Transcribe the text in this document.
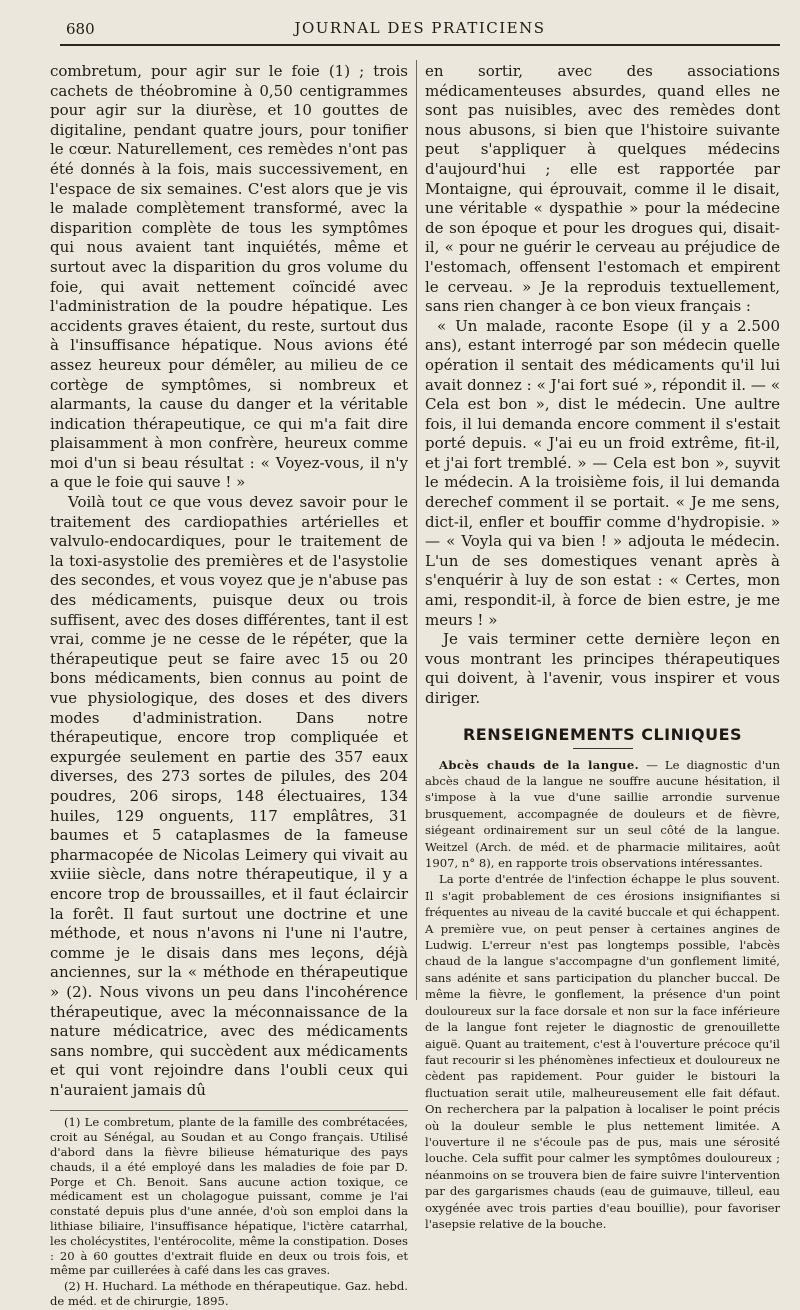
680	JOURNAL DES PRATICIENS

combretum, pour agir sur le foie (1) ; trois cachets de théobromine à 0,50 centigrammes pour agir sur la diurèse, et 10 gouttes de digitaline, pendant quatre jours, pour tonifier le cœur. Naturellement, ces remèdes n'ont pas été donnés à la fois, mais successivement, en l'espace de six semaines. C'est alors que je vis le malade complètement transformé, avec la disparition complète de tous les symptômes qui nous avaient tant inquiétés, même et surtout avec la disparition du gros volume du foie, qui avait nettement coïncidé avec l'administration de la poudre hépatique. Les accidents graves étaient, du reste, surtout dus à l'insuffisance hépatique. Nous avions été assez heureux pour démêler, au milieu de ce cortège de symptômes, si nombreux et alarmants, la cause du danger et la véritable indication thérapeutique, ce qui m'a fait dire plaisamment à mon confrère, heureux comme moi d'un si beau résultat : « Voyez-vous, il n'y a que le foie qui sauve ! »

Voilà tout ce que vous devez savoir pour le traitement des cardiopathies artérielles et valvulo-endocardiques, pour le traitement de la toxi-asystolie des premières et de l'asystolie des secondes, et vous voyez que je n'abuse pas des médicaments, puisque deux ou trois suffisent, avec des doses différentes, tant il est vrai, comme je ne cesse de le répéter, que la thérapeutique peut se faire avec 15 ou 20 bons médicaments, bien connus au point de vue physiologique, des doses et des divers modes d'administration. Dans notre thérapeutique, encore trop compliquée et expurgée seulement en partie des 357 eaux diverses, des 273 sortes de pilules, des 204 poudres, 206 sirops, 148 électuaires, 134 huiles, 129 onguents, 117 emplâtres, 31 baumes et 5 cataplasmes de la fameuse pharmacopée de Nicolas Leimery qui vivait au xviiie siècle, dans notre thérapeutique, il y a encore trop de broussailles, et il faut éclaircir la forêt. Il faut surtout une doctrine et une méthode, et nous n'avons ni l'une ni l'autre, comme je le disais dans mes leçons, déjà anciennes, sur la « méthode en thérapeutique » (2). Nous vivons un peu dans l'incohérence thérapeutique, avec la méconnaissance de la nature médicatrice, avec des médicaments sans nombre, qui succèdent aux médicaments et qui vont rejoindre dans l'oubli ceux qui n'auraient jamais dû

(1) Le combretum, plante de la famille des combrétacées, croit au Sénégal, au Soudan et au Congo français. Utilisé d'abord dans la fièvre bilieuse hématurique des pays chauds, il a été employé dans les maladies de foie par D. Porge et Ch. Benoit. Sans aucune action toxique, ce médicament est un cholagogue puissant, comme je l'ai constaté depuis plus d'une année, d'où son emploi dans la lithiase biliaire, l'insuffisance hépatique, l'ictère catarrhal, les cholécystites, l'entérocolite, même la constipation. Doses : 20 à 60 gouttes d'extrait fluide en deux ou trois fois, et même par cuillerées à café dans les cas graves.

(2) H. Huchard. La méthode en thérapeutique. Gaz. hebd. de méd. et de chirurgie, 1895.

en sortir, avec des associations médicamenteuses absurdes, quand elles ne sont pas nuisibles, avec des remèdes dont nous abusons, si bien que l'histoire suivante peut s'appliquer à quelques médecins d'aujourd'hui ; elle est rapportée par Montaigne, qui éprouvait, comme il le disait, une véritable « dyspathie » pour la médecine de son époque et pour les drogues qui, disait-il, « pour ne guérir le cerveau au préjudice de l'estomach, offensent l'estomach et empirent le cerveau. » Je la reproduis textuellement, sans rien changer à ce bon vieux français :

« Un malade, raconte Esope (il y a 2.500 ans), estant interrogé par son médecin quelle opération il sentait des médicaments qu'il lui avait donnez : « J'ai fort sué », répondit il. — « Cela est bon », dist le médecin. Une aultre fois, il lui demanda encore comment il s'estait porté depuis. « J'ai eu un froid extrême, fit-il, et j'ai fort tremblé. » — Cela est bon », suyvit le médecin. A la troisième fois, il lui demanda derechef comment il se portait. « Je me sens, dict-il, enfler et bouffir comme d'hydropisie. » — « Voyla qui va bien ! » adjouta le médecin. L'un de ses domestiques venant après à s'enquérir à luy de son estat : « Certes, mon ami, respondit-il, à force de bien estre, je me meurs ! »

Je vais terminer cette dernière leçon en vous montrant les principes thérapeutiques qui doivent, à l'avenir, vous inspirer et vous diriger.

RENSEIGNEMENTS CLINIQUES

Abcès chauds de la langue. — Le diagnostic d'un abcès chaud de la langue ne souffre aucune hésitation, il s'impose à la vue d'une saillie arrondie survenue brusquement, accompagnée de douleurs et de fièvre, siégeant ordinairement sur un seul côté de la langue. Weitzel (Arch. de méd. et de pharmacie militaires, août 1907, n° 8), en rapporte trois observations intéressantes.

La porte d'entrée de l'infection échappe le plus souvent. Il s'agit probablement de ces érosions insignifiantes si fréquentes au niveau de la cavité buccale et qui échappent. A première vue, on peut penser à certaines angines de Ludwig. L'erreur n'est pas longtemps possible, l'abcès chaud de la langue s'accompagne d'un gonflement limité, sans adénite et sans participation du plancher buccal. De même la fièvre, le gonflement, la présence d'un point douloureux sur la face dorsale et non sur la face inférieure de la langue font rejeter le diagnostic de grenouillette aiguë. Quant au traitement, c'est à l'ouverture précoce qu'il faut recourir si les phénomènes infectieux et douloureux ne cèdent pas rapidement. Pour guider le bistouri la fluctuation serait utile, malheureusement elle fait défaut. On recherchera par la palpation à localiser le point précis où la douleur semble le plus nettement limitée. A l'ouverture il ne s'écoule pas de pus, mais une sérosité louche. Cela suffit pour calmer les symptômes douloureux ; néanmoins on se trouvera bien de faire suivre l'intervention par des gargarismes chauds (eau de guimauve, tilleul, eau oxygénée avec trois parties d'eau bouillie), pour favoriser l'asepsie relative de la bouche.
